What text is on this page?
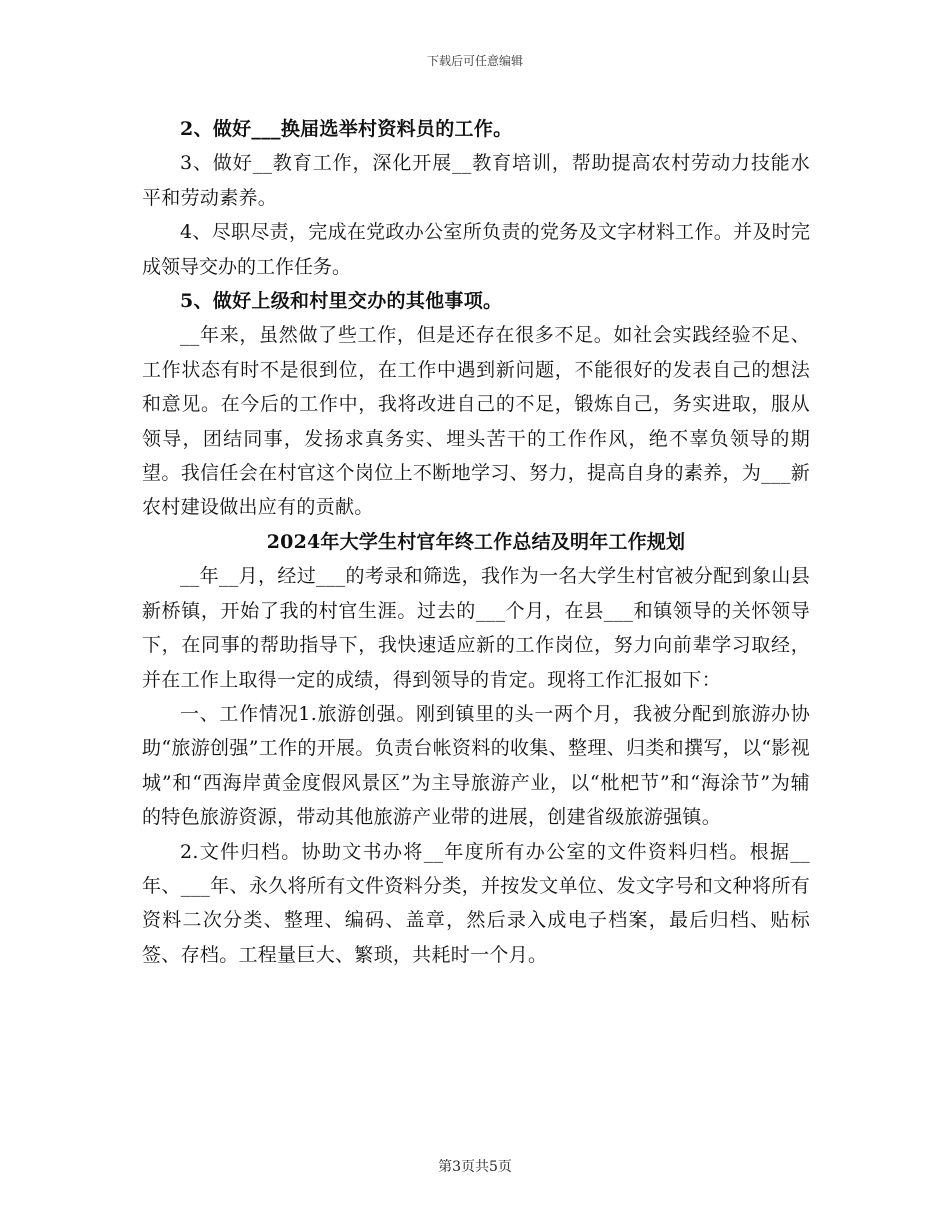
下载后可任意编辑

2、做好___换届选举村资料员的工作。

3、做好__教育工作，深化开展__教育培训，帮助提高农村劳动力技能水平和劳动素养。

4、尽职尽责，完成在党政办公室所负责的党务及文字材料工作。并及时完成领导交办的工作任务。

5、做好上级和村里交办的其他事项。

__年来，虽然做了些工作，但是还存在很多不足。如社会实践经验不足、工作状态有时不是很到位，在工作中遇到新问题，不能很好的发表自己的想法和意见。在今后的工作中，我将改进自己的不足，锻炼自己，务实进取，服从领导，团结同事，发扬求真务实、埋头苦干的工作作风，绝不辜负领导的期望。我信任会在村官这个岗位上不断地学习、努力，提高自身的素养，为___新农村建设做出应有的贡献。

2024年大学生村官年终工作总结及明年工作规划

__年__月，经过___的考录和筛选，我作为一名大学生村官被分配到象山县新桥镇，开始了我的村官生涯。过去的___个月，在县___和镇领导的关怀领导下，在同事的帮助指导下，我快速适应新的工作岗位，努力向前辈学习取经，并在工作上取得一定的成绩，得到领导的肯定。现将工作汇报如下：

一、工作情况1.旅游创强。刚到镇里的头一两个月，我被分配到旅游办协助“旅游创强”工作的开展。负责台帐资料的收集、整理、归类和撰写，以“影视城”和“西海岸黄金度假风景区”为主导旅游产业，以“枇杷节”和“海涂节”为辅的特色旅游资源，带动其他旅游产业带的进展，创建省级旅游强镇。

2.文件归档。协助文书办将__年度所有办公室的文件资料归档。根据__年、___年、永久将所有文件资料分类，并按发文单位、发文字号和文种将所有资料二次分类、整理、编码、盖章，然后录入成电子档案，最后归档、贴标签、存档。工程量巨大、繁琐，共耗时一个月。

第3页共5页
